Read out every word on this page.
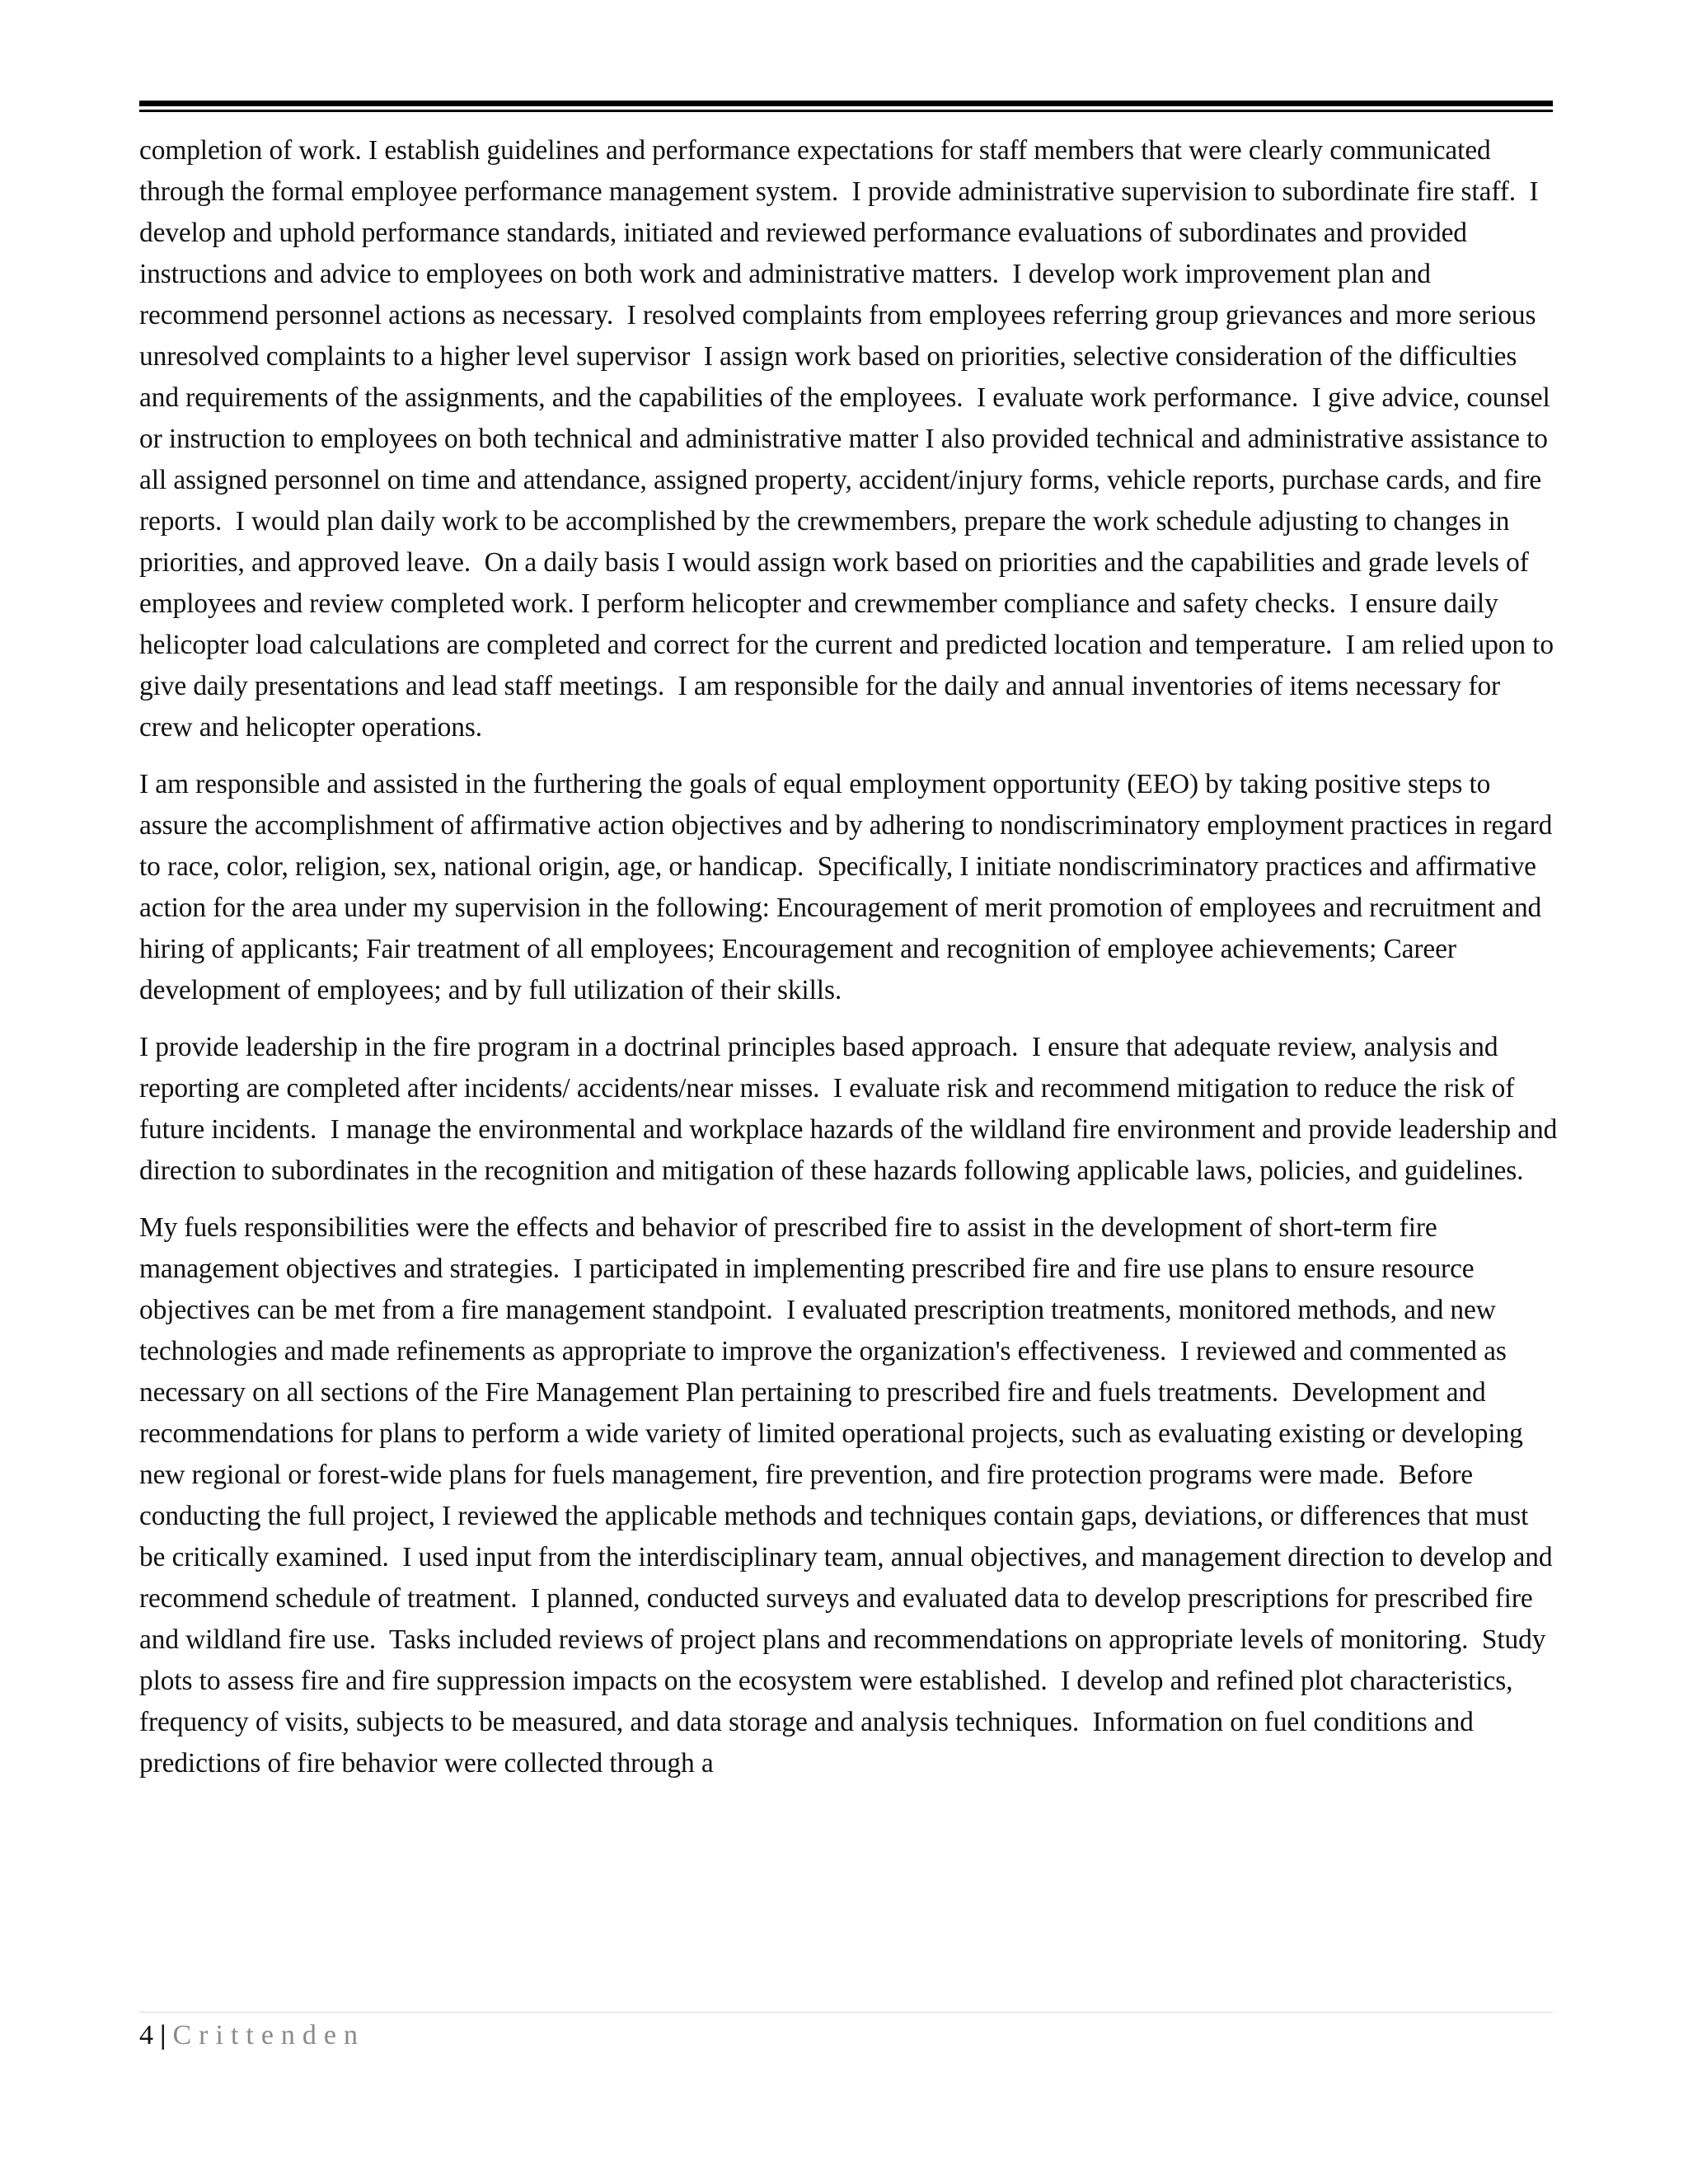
completion of work. I establish guidelines and performance expectations for staff members that were clearly communicated through the formal employee performance management system.  I provide administrative supervision to subordinate fire staff.  I develop and uphold performance standards, initiated and reviewed performance evaluations of subordinates and provided instructions and advice to employees on both work and administrative matters.  I develop work improvement plan and recommend personnel actions as necessary.  I resolved complaints from employees referring group grievances and more serious unresolved complaints to a higher level supervisor  I assign work based on priorities, selective consideration of the difficulties and requirements of the assignments, and the capabilities of the employees.  I evaluate work performance.  I give advice, counsel or instruction to employees on both technical and administrative matter I also provided technical and administrative assistance to all assigned personnel on time and attendance, assigned property, accident/injury forms, vehicle reports, purchase cards, and fire reports.  I would plan daily work to be accomplished by the crewmembers, prepare the work schedule adjusting to changes in priorities, and approved leave.  On a daily basis I would assign work based on priorities and the capabilities and grade levels of employees and review completed work. I perform helicopter and crewmember compliance and safety checks.  I ensure daily helicopter load calculations are completed and correct for the current and predicted location and temperature.  I am relied upon to give daily presentations and lead staff meetings.  I am responsible for the daily and annual inventories of items necessary for crew and helicopter operations.

I am responsible and assisted in the furthering the goals of equal employment opportunity (EEO) by taking positive steps to assure the accomplishment of affirmative action objectives and by adhering to nondiscriminatory employment practices in regard to race, color, religion, sex, national origin, age, or handicap.  Specifically, I initiate nondiscriminatory practices and affirmative action for the area under my supervision in the following: Encouragement of merit promotion of employees and recruitment and hiring of applicants; Fair treatment of all employees; Encouragement and recognition of employee achievements; Career development of employees; and by full utilization of their skills.

I provide leadership in the fire program in a doctrinal principles based approach.  I ensure that adequate review, analysis and reporting are completed after incidents/ accidents/near misses.  I evaluate risk and recommend mitigation to reduce the risk of future incidents.  I manage the environmental and workplace hazards of the wildland fire environment and provide leadership and direction to subordinates in the recognition and mitigation of these hazards following applicable laws, policies, and guidelines.

My fuels responsibilities were the effects and behavior of prescribed fire to assist in the development of short-term fire management objectives and strategies.  I participated in implementing prescribed fire and fire use plans to ensure resource objectives can be met from a fire management standpoint.  I evaluated prescription treatments, monitored methods, and new technologies and made refinements as appropriate to improve the organization's effectiveness.  I reviewed and commented as necessary on all sections of the Fire Management Plan pertaining to prescribed fire and fuels treatments.  Development and recommendations for plans to perform a wide variety of limited operational projects, such as evaluating existing or developing new regional or forest-wide plans for fuels management, fire prevention, and fire protection programs were made.  Before conducting the full project, I reviewed the applicable methods and techniques contain gaps, deviations, or differences that must be critically examined.  I used input from the interdisciplinary team, annual objectives, and management direction to develop and recommend schedule of treatment.  I planned, conducted surveys and evaluated data to develop prescriptions for prescribed fire and wildland fire use.  Tasks included reviews of project plans and recommendations on appropriate levels of monitoring.  Study plots to assess fire and fire suppression impacts on the ecosystem were established.  I develop and refined plot characteristics, frequency of visits, subjects to be measured, and data storage and analysis techniques.  Information on fuel conditions and predictions of fire behavior were collected through a

4 | Crittenden
